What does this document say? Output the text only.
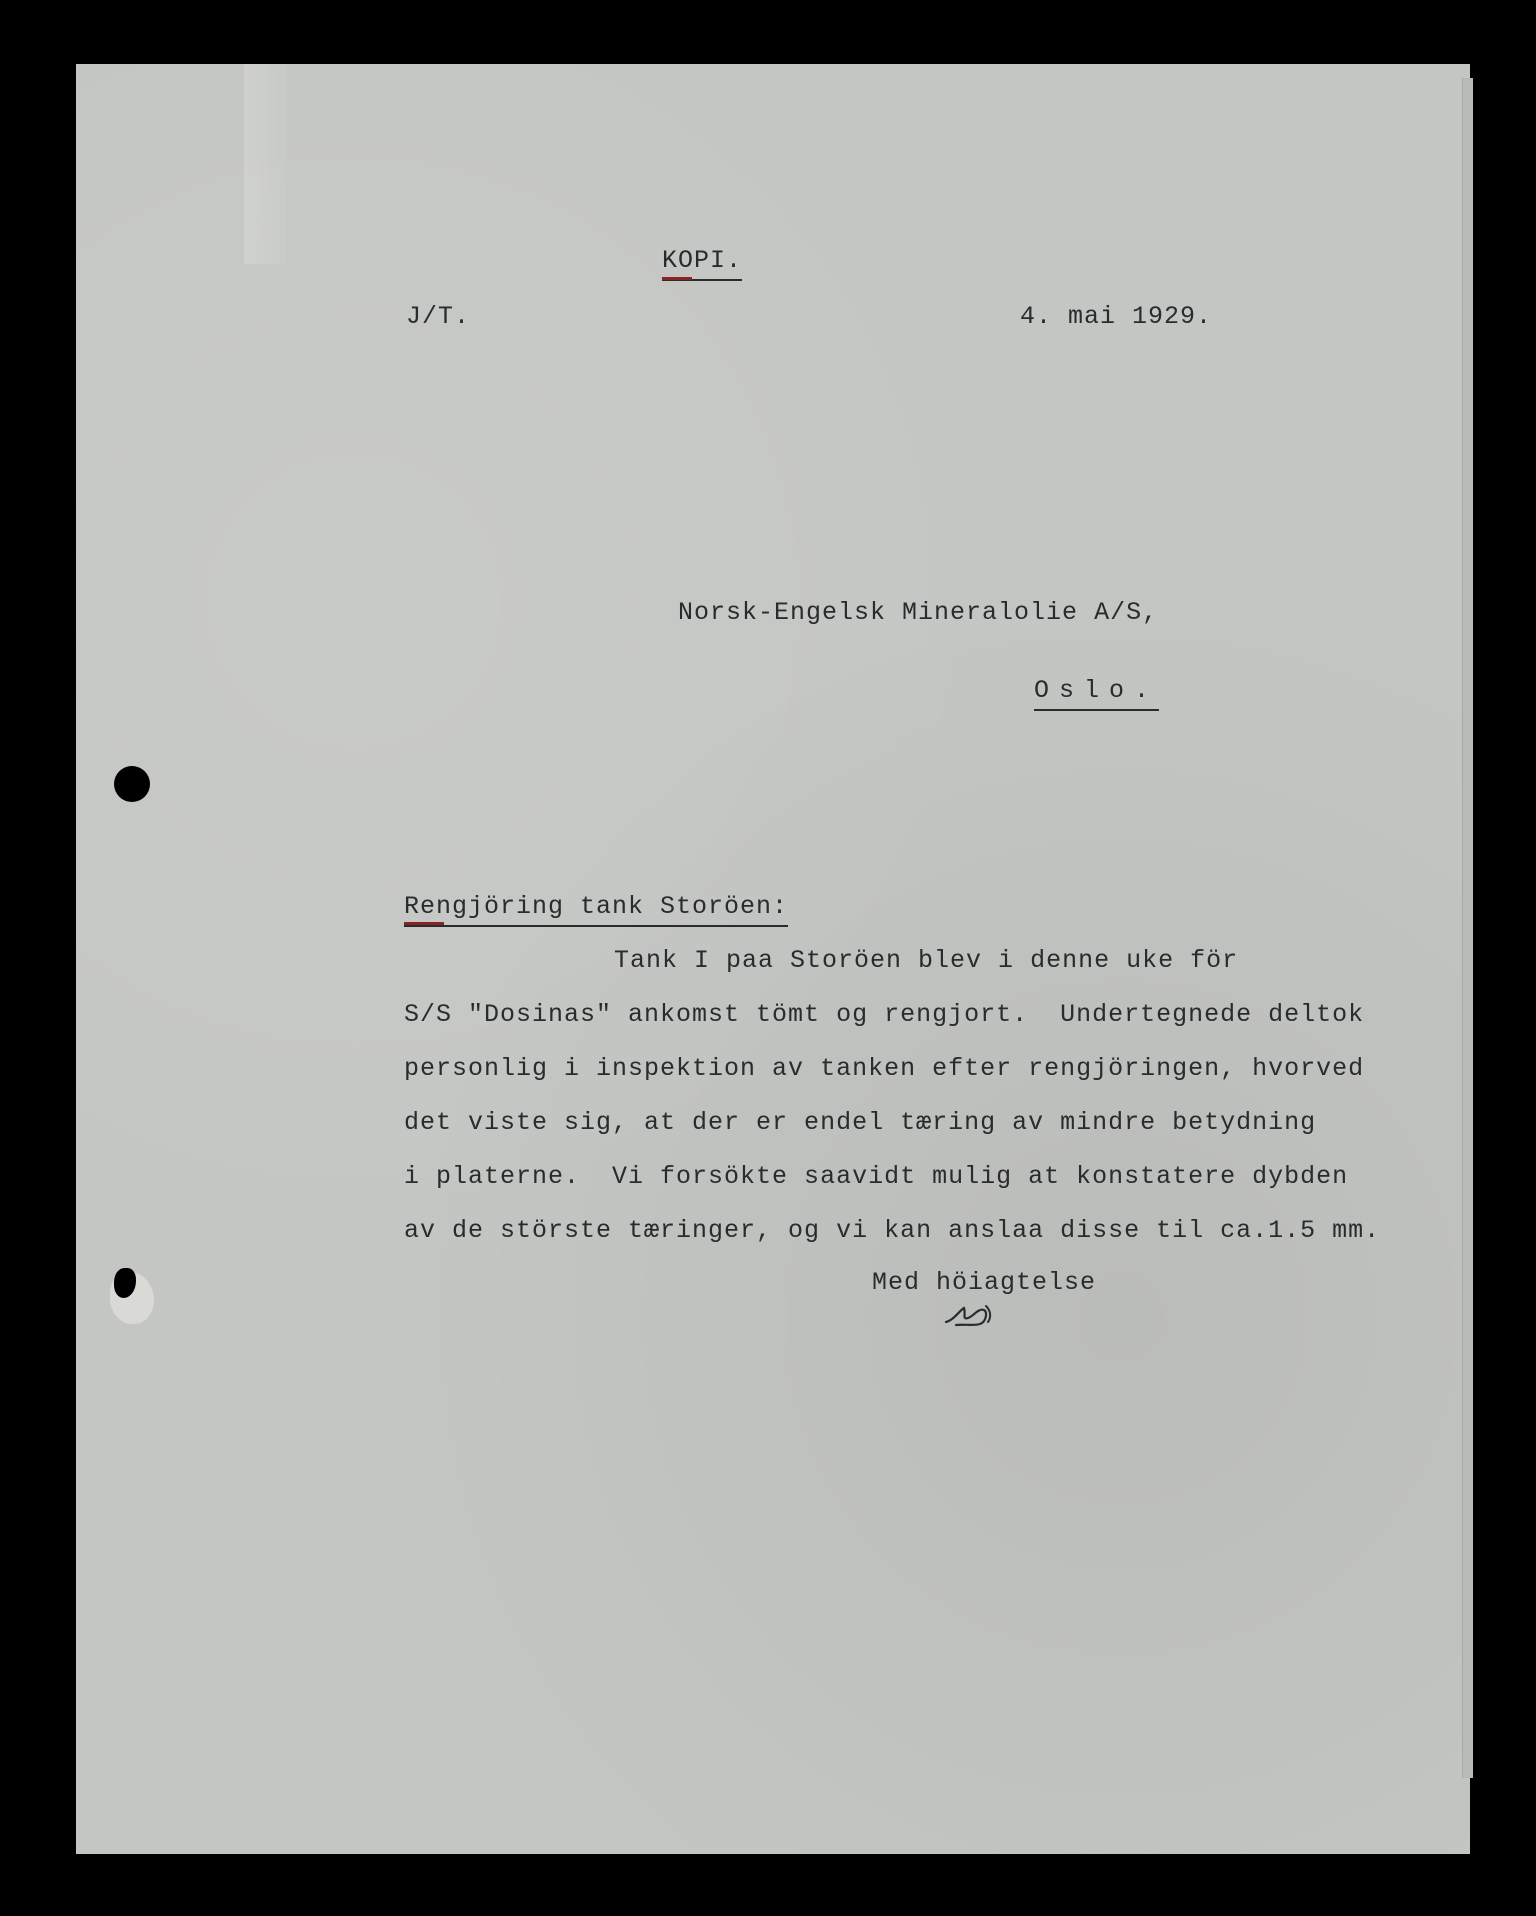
KOPI.
J/T.	4. mai 1929.
Norsk-Engelsk Mineralolie A/S,
Oslo.
Rengjöring tank Storöen:
Tank I paa Storöen blev i denne uke för
S/S "Dosinas" ankomst tömt og rengjort.  Undertegnede deltok
personlig i inspektion av tanken efter rengjöringen, hvorved
det viste sig, at der er endel tæring av mindre betydning
i platerne.  Vi forsökte saavidt mulig at konstatere dybden
av de störste tæringer, og vi kan anslaa disse til ca.1.5 mm.
Med höiagtelse
